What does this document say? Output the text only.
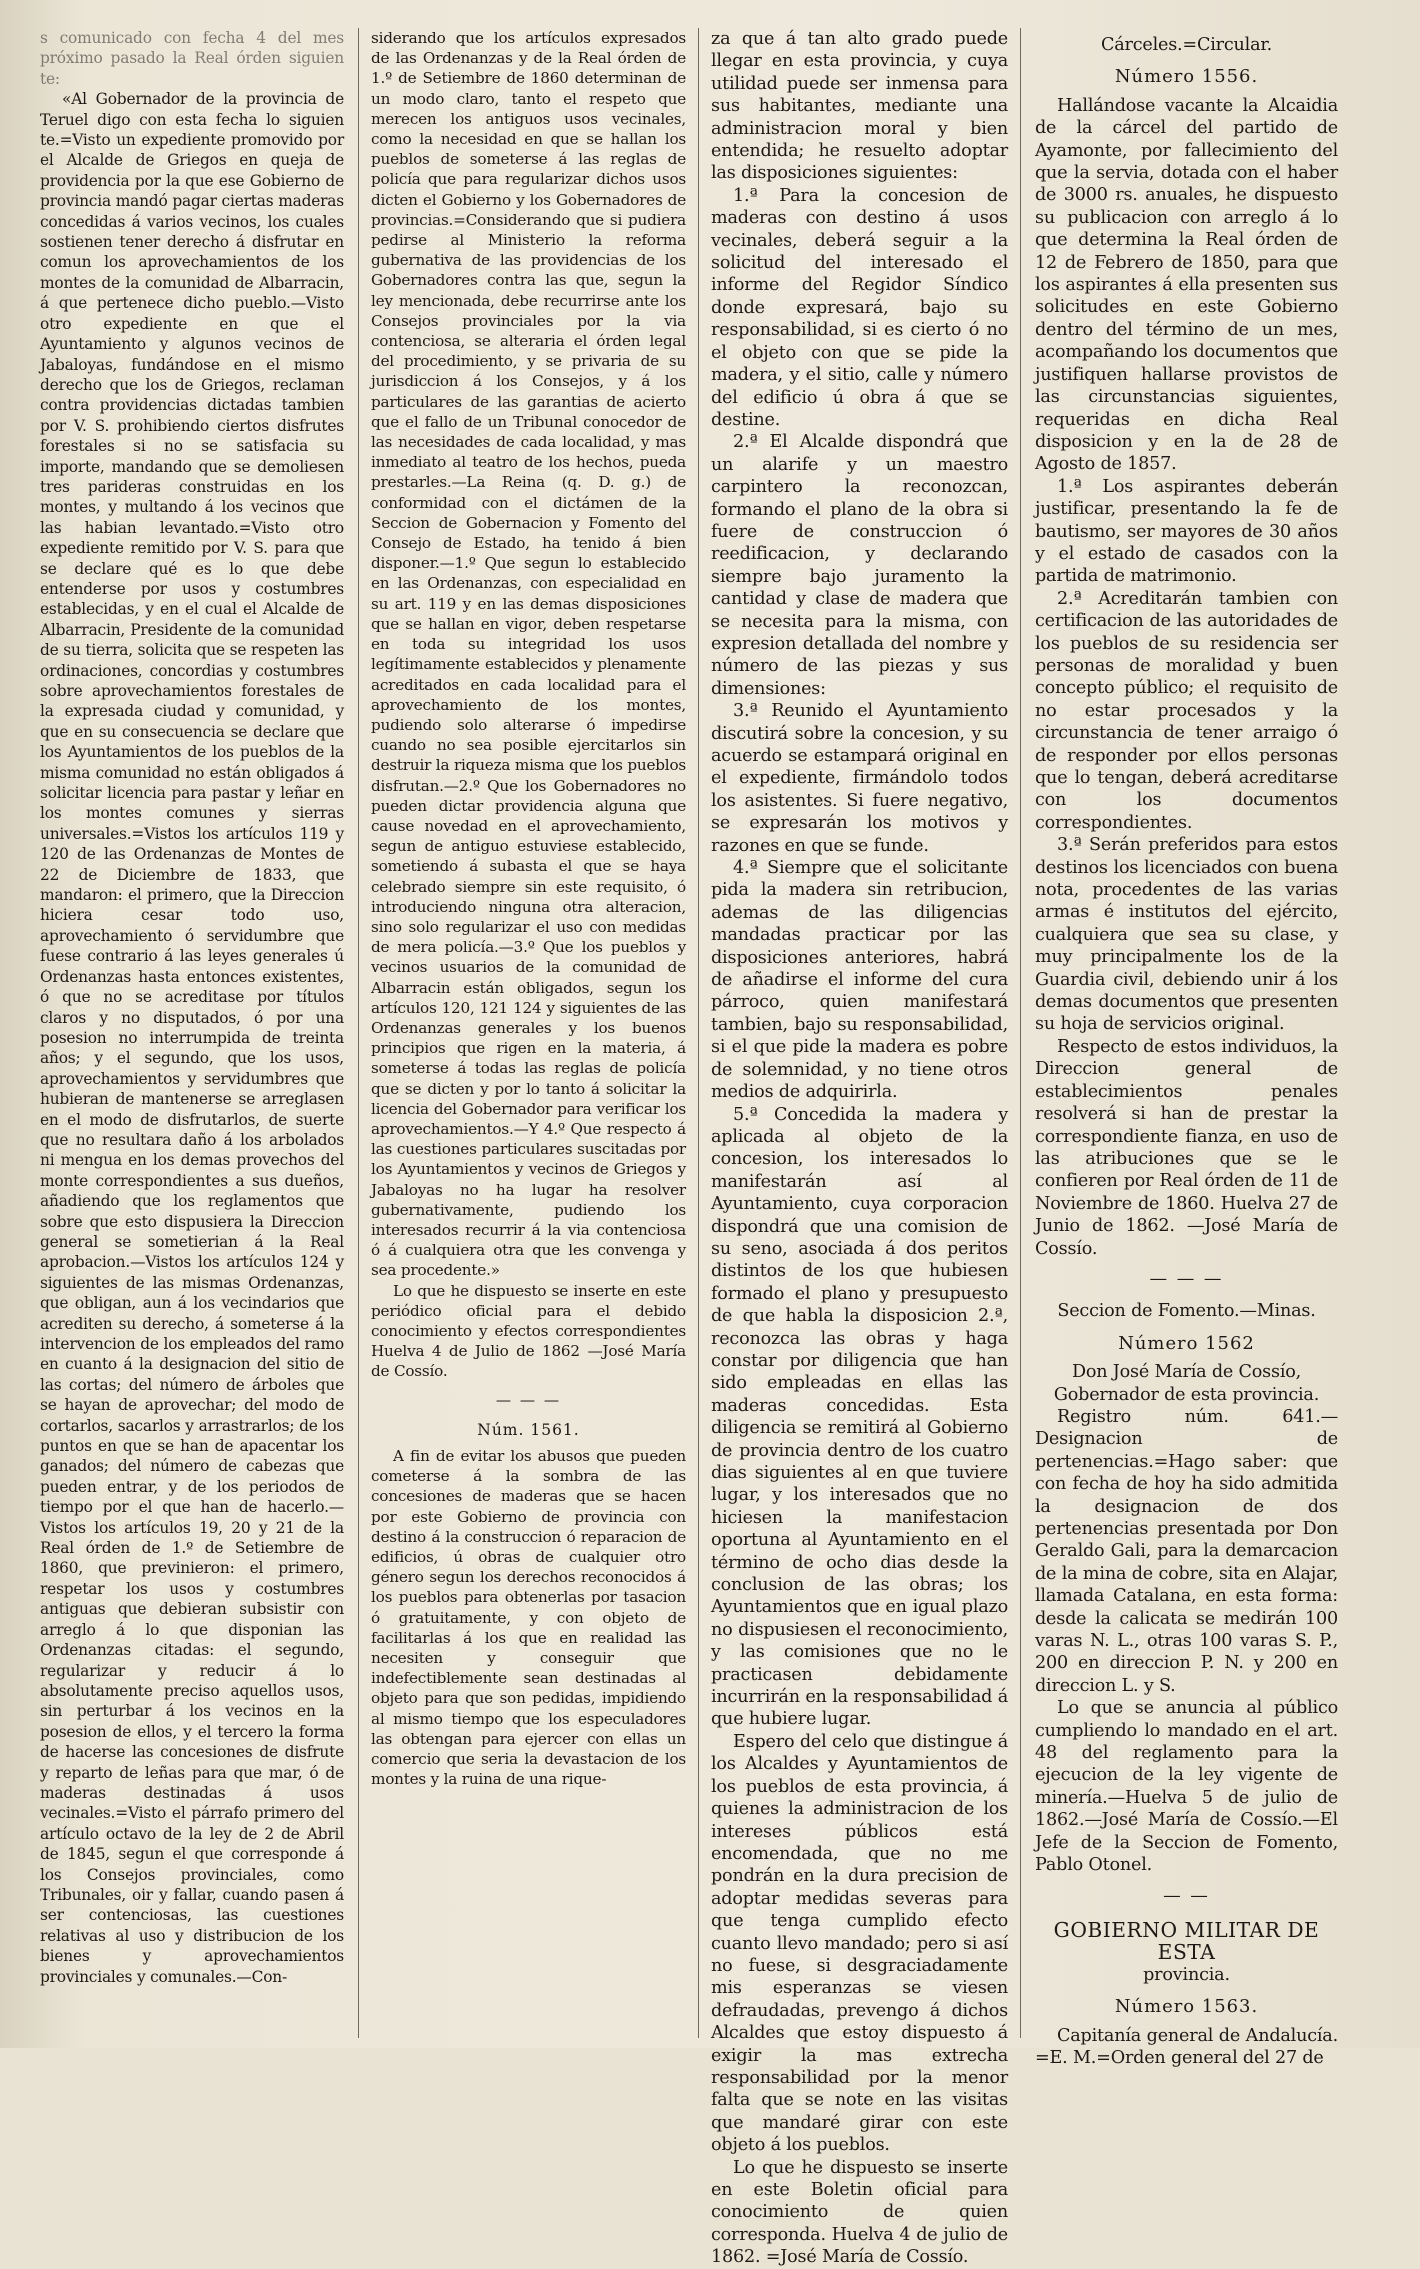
s comunicado con fecha 4 del mes próximo pasado la Real órden siguien te:

«Al Gobernador de la provincia de Teruel digo con esta fecha lo siguien te.=Visto un expediente promovido por el Alcalde de Griegos en queja de providencia por la que ese Gobierno de provincia mandó pagar ciertas maderas concedidas á varios vecinos, los cuales sostienen tener derecho á disfrutar en comun los aprovechamientos de los montes de la comunidad de Albarracin, á que pertenece dicho pueblo.—Visto otro expediente en que el Ayuntamiento y algunos vecinos de Jabaloyas, fundándose en el mismo derecho que los de Griegos, reclaman contra providencias dictadas tambien por V. S. prohibiendo ciertos disfrutes forestales si no se satisfacia su importe, mandando que se demoliesen tres parideras construidas en los montes, y multando á los vecinos que las habian levantado.=Visto otro expediente remitido por V. S. para que se declare qué es lo que debe entenderse por usos y costumbres establecidas, y en el cual el Alcalde de Albarracin, Presidente de la comunidad de su tierra, solicita que se respeten las ordinaciones, concordias y costumbres sobre aprovechamientos forestales de la expresada ciudad y comunidad, y que en su consecuencia se declare que los Ayuntamientos de los pueblos de la misma comunidad no están obligados á solicitar licencia para pastar y leñar en los montes comunes y sierras universales.=Vistos los artículos 119 y 120 de las Ordenanzas de Montes de 22 de Diciembre de 1833, que mandaron: el primero, que la Direccion hiciera cesar todo uso, aprovechamiento ó servidumbre que fuese contrario á las leyes generales ú Ordenanzas hasta entonces existentes, ó que no se acreditase por títulos claros y no disputados, ó por una posesion no interrumpida de treinta años; y el segundo, que los usos, aprovechamientos y servidumbres que hubieran de mantenerse se arreglasen en el modo de disfrutarlos, de suerte que no resultara daño á los arbolados ni mengua en los demas provechos del monte correspondientes a sus dueños, añadiendo que los reglamentos que sobre que esto dispusiera la Direccion general se sometierian á la Real aprobacion.—Vistos los artículos 124 y siguientes de las mismas Ordenanzas, que obligan, aun á los vecindarios que acrediten su derecho, á someterse á la intervencion de los empleados del ramo en cuanto á la designacion del sitio de las cortas; del número de árboles que se hayan de aprovechar; del modo de cortarlos, sacarlos y arrastrarlos; de los puntos en que se han de apacentar los ganados; del número de cabezas que pueden entrar, y de los periodos de tiempo por el que han de hacerlo.—Vistos los artículos 19, 20 y 21 de la Real órden de 1.º de Setiembre de 1860, que previnieron: el primero, respetar los usos y costumbres antiguas que debieran subsistir con arreglo á lo que disponian las Ordenanzas citadas: el segundo, regularizar y reducir á lo absolutamente preciso aquellos usos, sin perturbar á los vecinos en la posesion de ellos, y el tercero la forma de hacerse las concesiones de disfrute y reparto de leñas para que mar, ó de maderas destinadas á usos vecinales.=Visto el párrafo primero del artículo octavo de la ley de 2 de Abril de 1845, segun el que corresponde á los Consejos provinciales, como Tribunales, oir y fallar, cuando pasen á ser contenciosas, las cuestiones relativas al uso y distribucion de los bienes y aprovechamientos provinciales y comunales.—Con-

siderando que los artículos expresados de las Ordenanzas y de la Real órden de 1.º de Setiembre de 1860 determinan de un modo claro, tanto el respeto que merecen los antiguos usos vecinales, como la necesidad en que se hallan los pueblos de someterse á las reglas de policía que para regularizar dichos usos dicten el Gobierno y los Gobernadores de provincias.=Considerando que si pudiera pedirse al Ministerio la reforma gubernativa de las providencias de los Gobernadores contra las que, segun la ley mencionada, debe recurrirse ante los Consejos provinciales por la via contenciosa, se alteraria el órden legal del procedimiento, y se privaria de su jurisdiccion á los Consejos, y á los particulares de las garantias de acierto que el fallo de un Tribunal conocedor de las necesidades de cada localidad, y mas inmediato al teatro de los hechos, pueda prestarles.—La Reina (q. D. g.) de conformidad con el dictámen de la Seccion de Gobernacion y Fomento del Consejo de Estado, ha tenido á bien disponer.—1.º Que segun lo establecido en las Ordenanzas, con especialidad en su art. 119 y en las demas disposiciones que se hallan en vigor, deben respetarse en toda su integridad los usos legítimamente establecidos y plenamente acreditados en cada localidad para el aprovechamiento de los montes, pudiendo solo alterarse ó impedirse cuando no sea posible ejercitarlos sin destruir la riqueza misma que los pueblos disfrutan.—2.º Que los Gobernadores no pueden dictar providencia alguna que cause novedad en el aprovechamiento, segun de antiguo estuviese establecido, sometiendo á subasta el que se haya celebrado siempre sin este requisito, ó introduciendo ninguna otra alteracion, sino solo regularizar el uso con medidas de mera policía.—3.º Que los pueblos y vecinos usuarios de la comunidad de Albarracin están obligados, segun los artículos 120, 121 124 y siguientes de las Ordenanzas generales y los buenos principios que rigen en la materia, á someterse á todas las reglas de policía que se dicten y por lo tanto á solicitar la licencia del Gobernador para verificar los aprovechamientos.—Y 4.º Que respecto á las cuestiones particulares suscitadas por los Ayuntamientos y vecinos de Griegos y Jabaloyas no ha lugar ha resolver gubernativamente, pudiendo los interesados recurrir á la via contenciosa ó á cualquiera otra que les convenga y sea procedente.»

Lo que he dispuesto se inserte en este periódico oficial para el debido conocimiento y efectos correspondientes Huelva 4 de Julio de 1862 —José María de Cossío.

— — —
Núm. 1561.

A fin de evitar los abusos que pueden cometerse á la sombra de las concesiones de maderas que se hacen por este Gobierno de provincia con destino á la construccion ó reparacion de edificios, ú obras de cualquier otro género segun los derechos reconocidos á los pueblos para obtenerlas por tasacion ó gratuitamente, y con objeto de facilitarlas á los que en realidad las necesiten y conseguir que indefectiblemente sean destinadas al objeto para que son pedidas, impidiendo al mismo tiempo que los especuladores las obtengan para ejercer con ellas un comercio que seria la devastacion de los montes y la ruina de una rique-

za que á tan alto grado puede llegar en esta provincia, y cuya utilidad puede ser inmensa para sus habitantes, mediante una administracion moral y bien entendida; he resuelto adoptar las disposiciones siguientes:

1.ª Para la concesion de maderas con destino á usos vecinales, deberá seguir a la solicitud del interesado el informe del Regidor Síndico donde expresará, bajo su responsabilidad, si es cierto ó no el objeto con que se pide la madera, y el sitio, calle y número del edificio ú obra á que se destine.

2.ª El Alcalde dispondrá que un alarife y un maestro carpintero la reconozcan, formando el plano de la obra si fuere de construccion ó reedificacion, y declarando siempre bajo juramento la cantidad y clase de madera que se necesita para la misma, con expresion detallada del nombre y número de las piezas y sus dimensiones:

3.ª Reunido el Ayuntamiento discutirá sobre la concesion, y su acuerdo se estampará original en el expediente, firmándolo todos los asistentes. Si fuere negativo, se expresarán los motivos y razones en que se funde.

4.ª Siempre que el solicitante pida la madera sin retribucion, ademas de las diligencias mandadas practicar por las disposiciones anteriores, habrá de añadirse el informe del cura párroco, quien manifestará tambien, bajo su responsabilidad, si el que pide la madera es pobre de solemnidad, y no tiene otros medios de adquirirla.

5.ª Concedida la madera y aplicada al objeto de la concesion, los interesados lo manifestarán así al Ayuntamiento, cuya corporacion dispondrá que una comision de su seno, asociada á dos peritos distintos de los que hubiesen formado el plano y presupuesto de que habla la disposicion 2.ª, reconozca las obras y haga constar por diligencia que han sido empleadas en ellas las maderas concedidas. Esta diligencia se remitirá al Gobierno de provincia dentro de los cuatro dias siguientes al en que tuviere lugar, y los interesados que no hiciesen la manifestacion oportuna al Ayuntamiento en el término de ocho dias desde la conclusion de las obras; los Ayuntamientos que en igual plazo no dispusiesen el reconocimiento, y las comisiones que no le practicasen debidamente incurrirán en la responsabilidad á que hubiere lugar.

Espero del celo que distingue á los Alcaldes y Ayuntamientos de los pueblos de esta provincia, á quienes la administracion de los intereses públicos está encomendada, que no me pondrán en la dura precision de adoptar medidas severas para que tenga cumplido efecto cuanto llevo mandado; pero si así no fuese, si desgraciadamente mis esperanzas se viesen defraudadas, prevengo á dichos Alcaldes que estoy dispuesto á exigir la mas extrecha responsabilidad por la menor falta que se note en las visitas que mandaré girar con este objeto á los pueblos.

Lo que he dispuesto se inserte en este Boletin oficial para conocimiento de quien corresponda. Huelva 4 de julio de 1862. =José María de Cossío.

Cárceles.=Circular.
Número 1556.

Hallándose vacante la Alcaidia de la cárcel del partido de Ayamonte, por fallecimiento del que la servia, dotada con el haber de 3000 rs. anuales, he dispuesto su publicacion con arreglo á lo que determina la Real órden de 12 de Febrero de 1850, para que los aspirantes á ella presenten sus solicitudes en este Gobierno dentro del término de un mes, acompañando los documentos que justifiquen hallarse provistos de las circunstancias siguientes, requeridas en dicha Real disposicion y en la de 28 de Agosto de 1857.

1.ª Los aspirantes deberán justificar, presentando la fe de bautismo, ser mayores de 30 años y el estado de casados con la partida de matrimonio.

2.ª Acreditarán tambien con certificacion de las autoridades de los pueblos de su residencia ser personas de moralidad y buen concepto público; el requisito de no estar procesados y la circunstancia de tener arraigo ó de responder por ellos personas que lo tengan, deberá acreditarse con los documentos correspondientes.

3.ª Serán preferidos para estos destinos los licenciados con buena nota, procedentes de las varias armas é institutos del ejército, cualquiera que sea su clase, y muy principalmente los de la Guardia civil, debiendo unir á los demas documentos que presenten su hoja de servicios original.

Respecto de estos individuos, la Direccion general de establecimientos penales resolverá si han de prestar la correspondiente fianza, en uso de las atribuciones que se le confieren por Real órden de 11 de Noviembre de 1860. Huelva 27 de Junio de 1862. —José María de Cossío.

— — —
Seccion de Fomento.—Minas.
Número 1562

Don José María de Cossío, Gobernador de esta provincia.

Registro núm. 641.—Designacion de pertenencias.=Hago saber: que con fecha de hoy ha sido admitida la designacion de dos pertenencias presentada por Don Geraldo Gali, para la demarcacion de la mina de cobre, sita en Alajar, llamada Catalana, en esta forma: desde la calicata se medirán 100 varas N. L., otras 100 varas S. P., 200 en direccion P. N. y 200 en direccion L. y S.

Lo que se anuncia al público cumpliendo lo mandado en el art. 48 del reglamento para la ejecucion de la ley vigente de minería.—Huelva 5 de julio de 1862.—José María de Cossío.—El Jefe de la Seccion de Fomento, Pablo Otonel.

— —
GOBIERNO MILITAR DE ESTA
provincia.
Número 1563.

Capitanía general de Andalucía. =E. M.=Orden general del 27 de
